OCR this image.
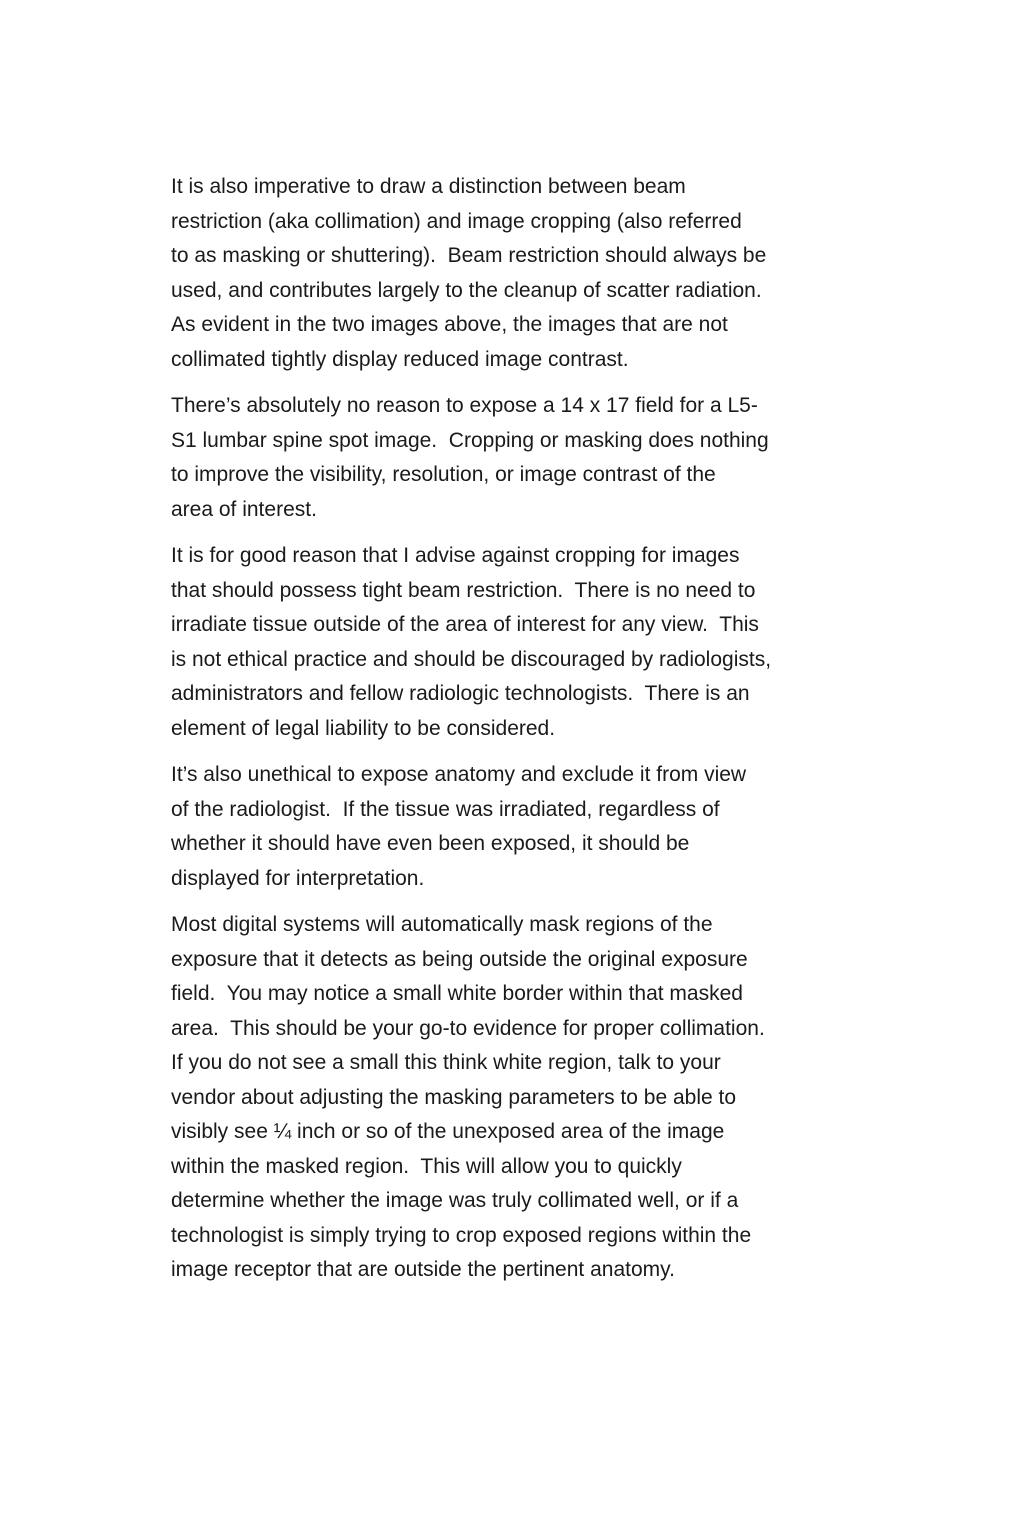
It is also imperative to draw a distinction between beam
restriction (aka collimation) and image cropping (also referred
to as masking or shuttering).  Beam restriction should always be
used, and contributes largely to the cleanup of scatter radiation.
As evident in the two images above, the images that are not
collimated tightly display reduced image contrast.

There’s absolutely no reason to expose a 14 x 17 field for a L5-
S1 lumbar spine spot image.  Cropping or masking does nothing
to improve the visibility, resolution, or image contrast of the
area of interest.

It is for good reason that I advise against cropping for images
that should possess tight beam restriction.  There is no need to
irradiate tissue outside of the area of interest for any view.  This
is not ethical practice and should be discouraged by radiologists,
administrators and fellow radiologic technologists.  There is an
element of legal liability to be considered.

It’s also unethical to expose anatomy and exclude it from view
of the radiologist.  If the tissue was irradiated, regardless of
whether it should have even been exposed, it should be
displayed for interpretation.

Most digital systems will automatically mask regions of the
exposure that it detects as being outside the original exposure
field.  You may notice a small white border within that masked
area.  This should be your go-to evidence for proper collimation.
If you do not see a small this think white region, talk to your
vendor about adjusting the masking parameters to be able to
visibly see ¼ inch or so of the unexposed area of the image
within the masked region.  This will allow you to quickly
determine whether the image was truly collimated well, or if a
technologist is simply trying to crop exposed regions within the
image receptor that are outside the pertinent anatomy.
